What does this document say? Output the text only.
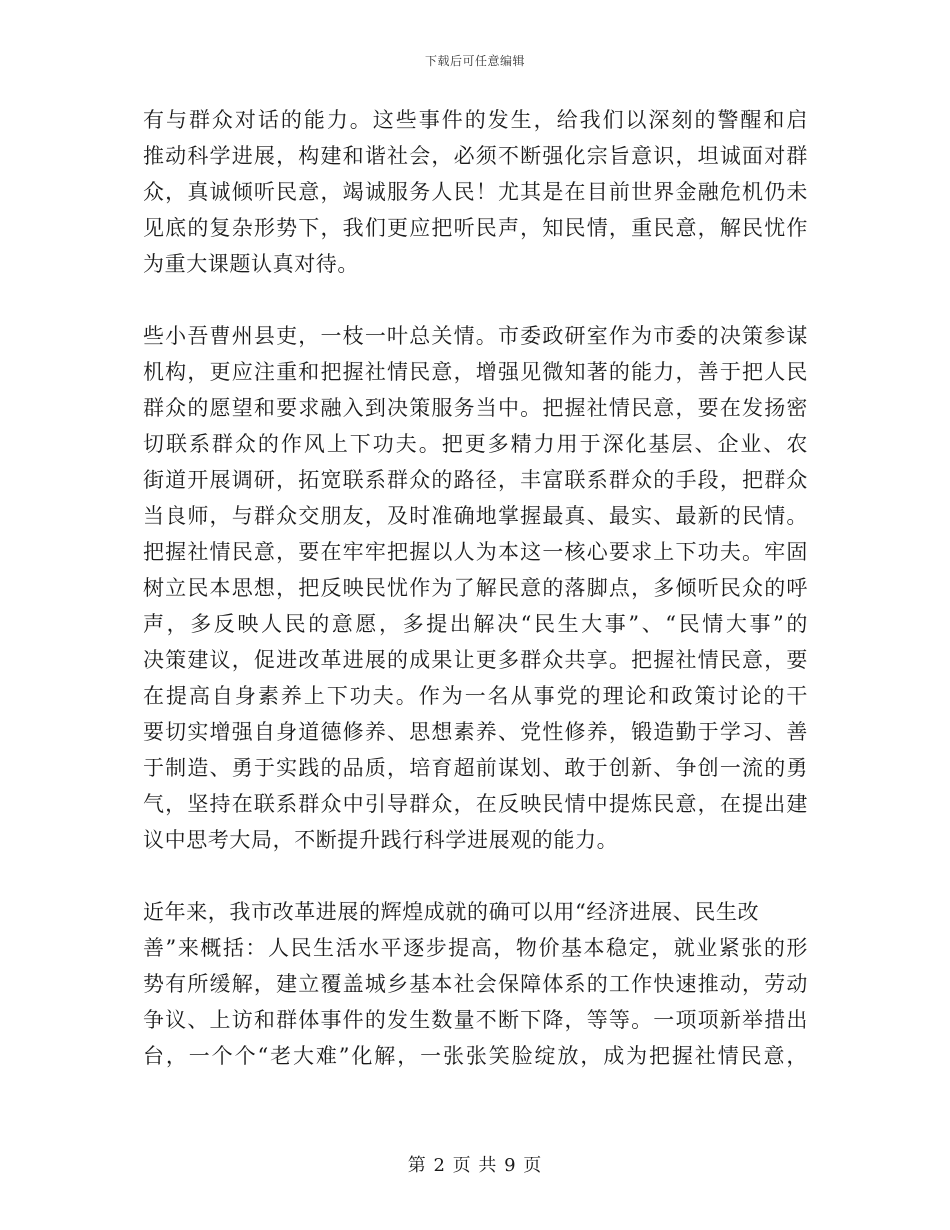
下载后可任意编辑
有与群众对话的能力。这些事件的发生，给我们以深刻的警醒和启
推动科学进展，构建和谐社会，必须不断强化宗旨意识，坦诚面对群
众，真诚倾听民意，竭诚服务人民！尤其是在目前世界金融危机仍未
见底的复杂形势下，我们更应把听民声，知民情，重民意，解民忧作
为重大课题认真对待。
些小吾曹州县吏，一枝一叶总关情。市委政研室作为市委的决策参谋
机构，更应注重和把握社情民意，增强见微知著的能力，善于把人民
群众的愿望和要求融入到决策服务当中。把握社情民意，要在发扬密
切联系群众的作风上下功夫。把更多精力用于深化基层、企业、农
街道开展调研，拓宽联系群众的路径，丰富联系群众的手段，把群众
当良师，与群众交朋友，及时准确地掌握最真、最实、最新的民情。
把握社情民意，要在牢牢把握以人为本这一核心要求上下功夫。牢固
树立民本思想，把反映民忧作为了解民意的落脚点，多倾听民众的呼
声，多反映人民的意愿，多提出解决“民生大事”、“民情大事”的
决策建议，促进改革进展的成果让更多群众共享。把握社情民意，要
在提高自身素养上下功夫。作为一名从事党的理论和政策讨论的干
要切实增强自身道德修养、思想素养、党性修养，锻造勤于学习、善
于制造、勇于实践的品质，培育超前谋划、敢于创新、争创一流的勇
气，坚持在联系群众中引导群众，在反映民情中提炼民意，在提出建
议中思考大局，不断提升践行科学进展观的能力。
近年来，我市改革进展的辉煌成就的确可以用“经济进展、民生改
善”来概括：人民生活水平逐步提高，物价基本稳定，就业紧张的形
势有所缓解，建立覆盖城乡基本社会保障体系的工作快速推动，劳动
争议、上访和群体事件的发生数量不断下降，等等。一项项新举措出
台，一个个“老大难”化解，一张张笑脸绽放，成为把握社情民意，
第 2 页 共 9 页
